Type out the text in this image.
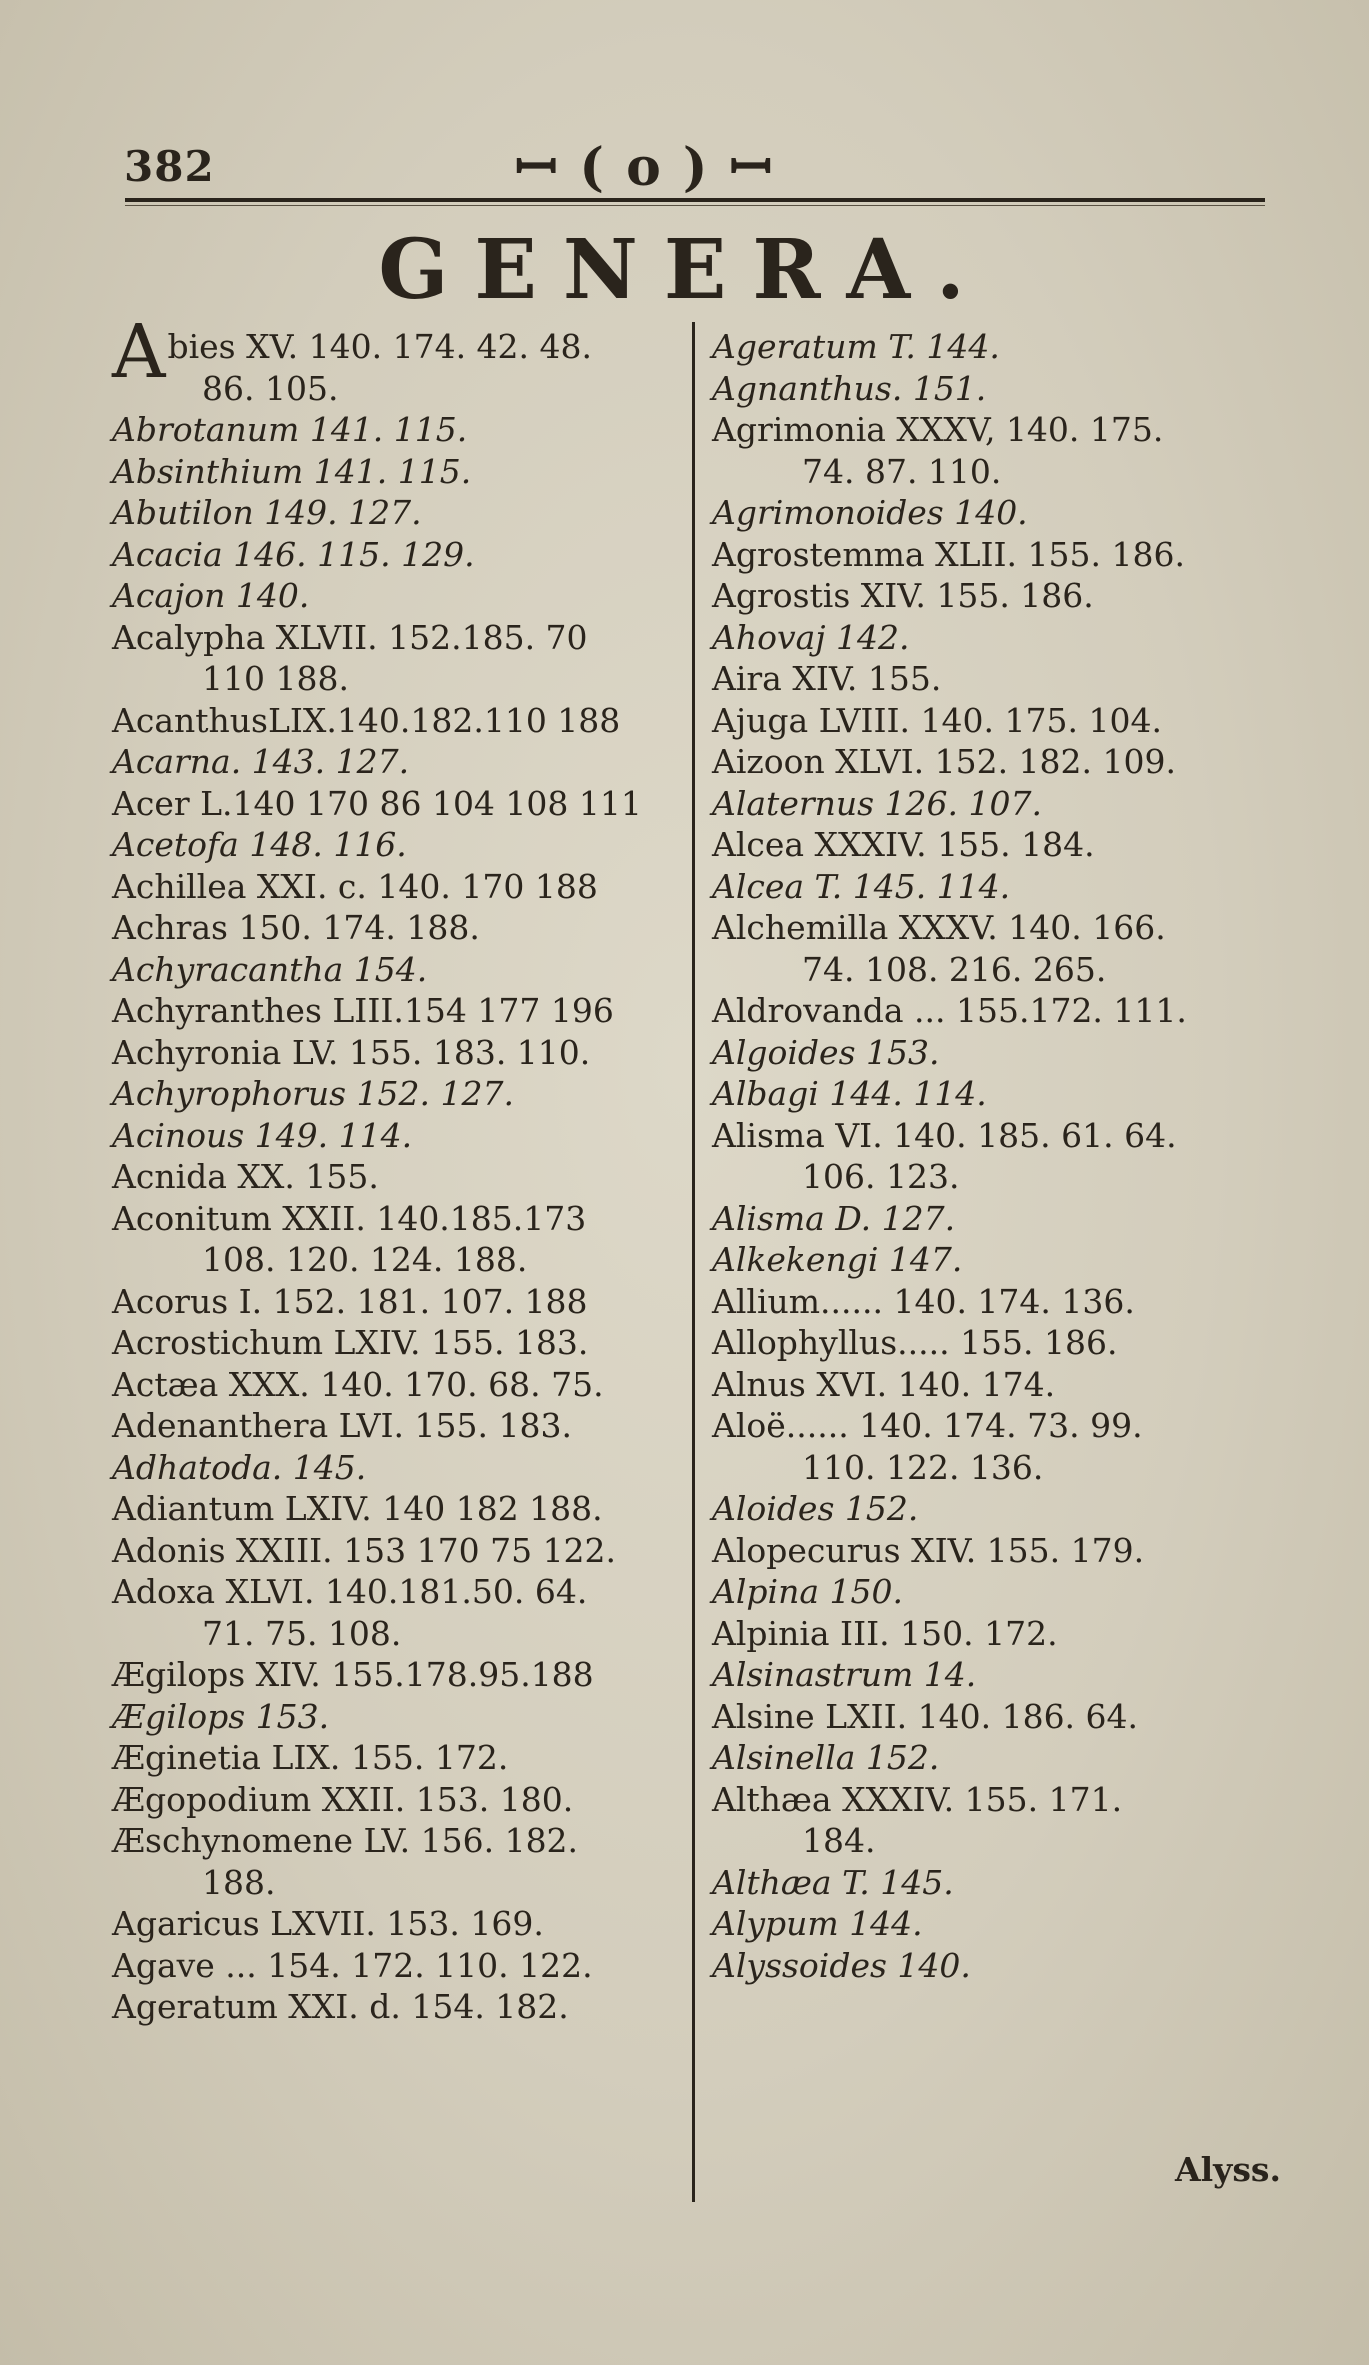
382	ꟷ ( o ) ꟷ
GENERA.
Abies XV. 140. 174. 42. 48.
86. 105.
Abrotanum 141. 115.
Absinthium 141. 115.
Abutilon 149. 127.
Acacia 146. 115. 129.
Acajon 140.
Acalypha XLVII. 152.185. 70
110 188.
AcanthusLIX.140.182.110 188
Acarna. 143. 127.
Acer L.140 170 86 104 108 111
Acetofa 148. 116.
Achillea XXI. c. 140. 170 188
Achras 150. 174. 188.
Achyracantha 154.
Achyranthes LIII.154 177 196
Achyronia LV. 155. 183. 110.
Achyrophorus 152. 127.
Acinous 149. 114.
Acnida XX. 155.
Aconitum XXII. 140.185.173
108. 120. 124. 188.
Acorus I. 152. 181. 107. 188
Acrostichum LXIV. 155. 183.
Actæa XXX. 140. 170. 68. 75.
Adenanthera LVI. 155. 183.
Adhatoda. 145.
Adiantum LXIV. 140 182 188.
Adonis XXIII. 153 170 75 122.
Adoxa XLVI. 140.181.50. 64.
71. 75. 108.
Ægilops XIV. 155.178.95.188
Ægilops 153.
Æginetia LIX. 155. 172.
Ægopodium XXII. 153. 180.
Æschynomene LV. 156. 182.
188.
Agaricus LXVII. 153. 169.
Agave ... 154. 172. 110. 122.
Ageratum XXI. d. 154. 182.
Ageratum T. 144.
Agnanthus. 151.
Agrimonia XXXV, 140. 175.
74. 87. 110.
Agrimonoides 140.
Agrostemma XLII. 155. 186.
Agrostis XIV. 155. 186.
Ahovaj 142.
Aira XIV. 155.
Ajuga LVIII. 140. 175. 104.
Aizoon XLVI. 152. 182. 109.
Alaternus 126. 107.
Alcea XXXIV. 155. 184.
Alcea T. 145. 114.
Alchemilla XXXV. 140. 166.
74. 108. 216. 265.
Aldrovanda ... 155.172. 111.
Algoides 153.
Albagi 144. 114.
Alisma VI. 140. 185. 61. 64.
106. 123.
Alisma D. 127.
Alkekengi 147.
Allium...... 140. 174. 136.
Allophyllus..... 155. 186.
Alnus XVI. 140. 174.
Aloë...... 140. 174. 73. 99.
110. 122. 136.
Aloides 152.
Alopecurus XIV. 155. 179.
Alpina 150.
Alpinia III. 150. 172.
Alsinastrum 14.
Alsine LXII. 140. 186. 64.
Alsinella 152.
Althæa XXXIV. 155. 171.
184.
Althæa T. 145.
Alypum 144.
Alyssoides 140.
Alyss.
